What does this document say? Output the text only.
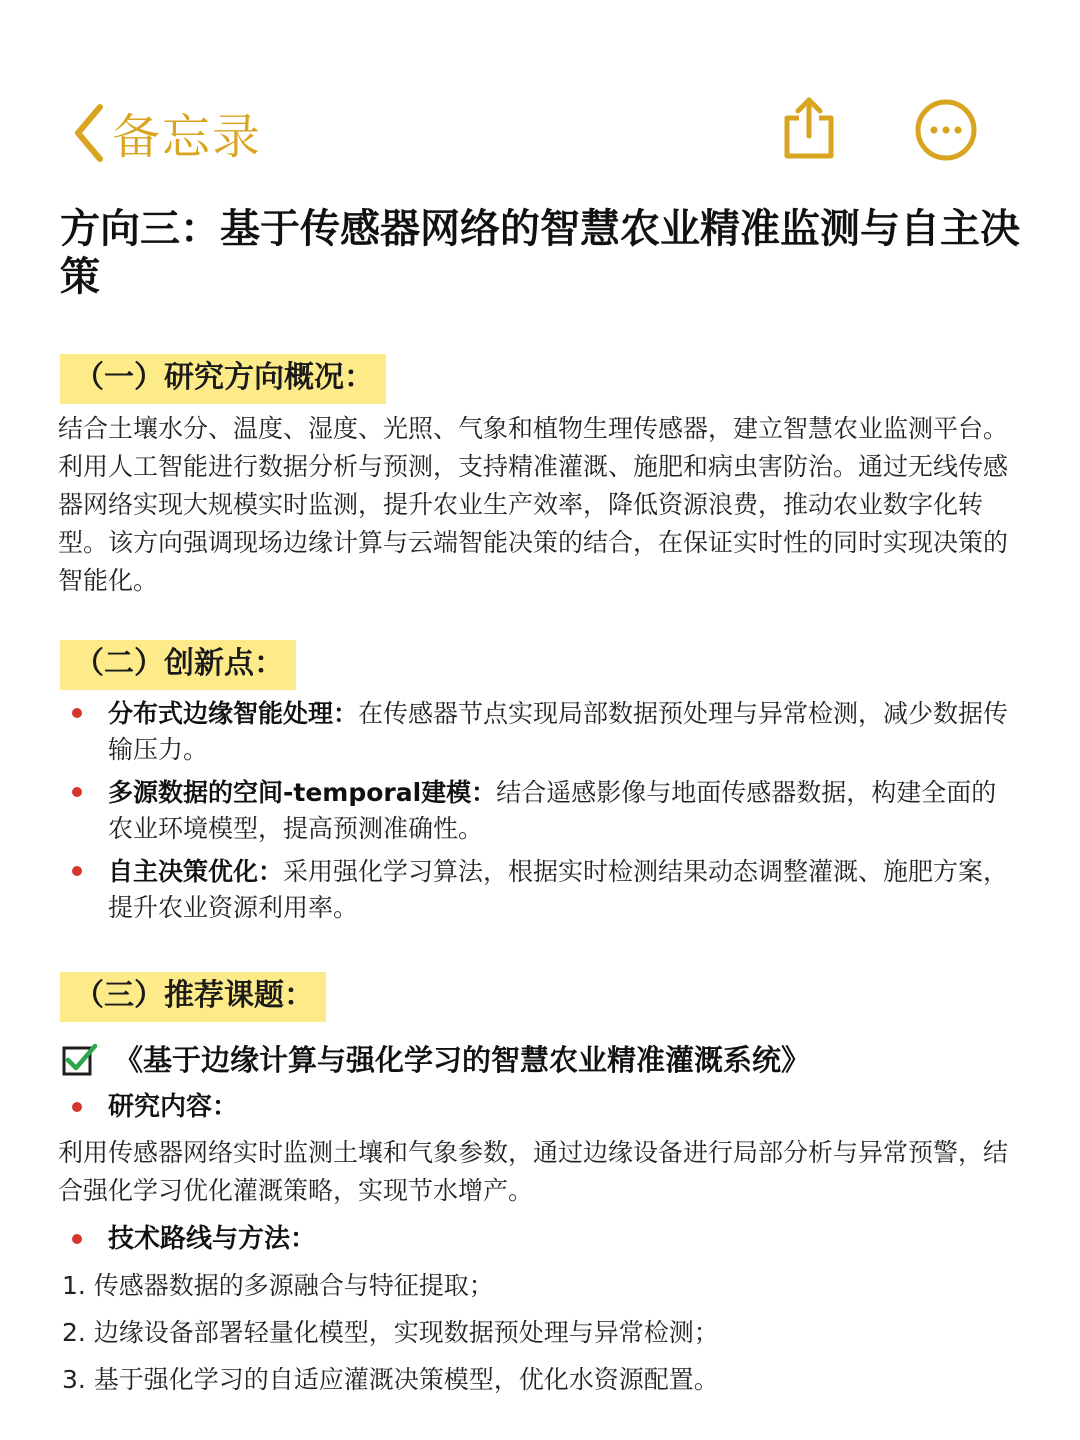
备忘录
方向三：基于传感器网络的智慧农业精准监测与自主决策
（一）研究方向概况：

结合土壤水分、温度、湿度、光照、气象和植物生理传感器，建立智慧农业监测平台。利用人工智能进行数据分析与预测，支持精准灌溉、施肥和病虫害防治。通过无线传感器网络实现大规模实时监测，提升农业生产效率，降低资源浪费，推动农业数字化转型。该方向强调现场边缘计算与云端智能决策的结合，在保证实时性的同时实现决策的智能化。

（二）创新点：
分布式边缘智能处理：在传感器节点实现局部数据预处理与异常检测，减少数据传输压力。
多源数据的空间-temporal建模：结合遥感影像与地面传感器数据，构建全面的农业环境模型，提高预测准确性。
自主决策优化：采用强化学习算法，根据实时检测结果动态调整灌溉、施肥方案，提升农业资源利用率。
（三）推荐课题：
《基于边缘计算与强化学习的智慧农业精准灌溉系统》
研究内容：

利用传感器网络实时监测土壤和气象参数，通过边缘设备进行局部分析与异常预警，结合强化学习优化灌溉策略，实现节水增产。

技术路线与方法：
1. 传感器数据的多源融合与特征提取；
2. 边缘设备部署轻量化模型，实现数据预处理与异常检测；
3. 基于强化学习的自适应灌溉决策模型，优化水资源配置。
